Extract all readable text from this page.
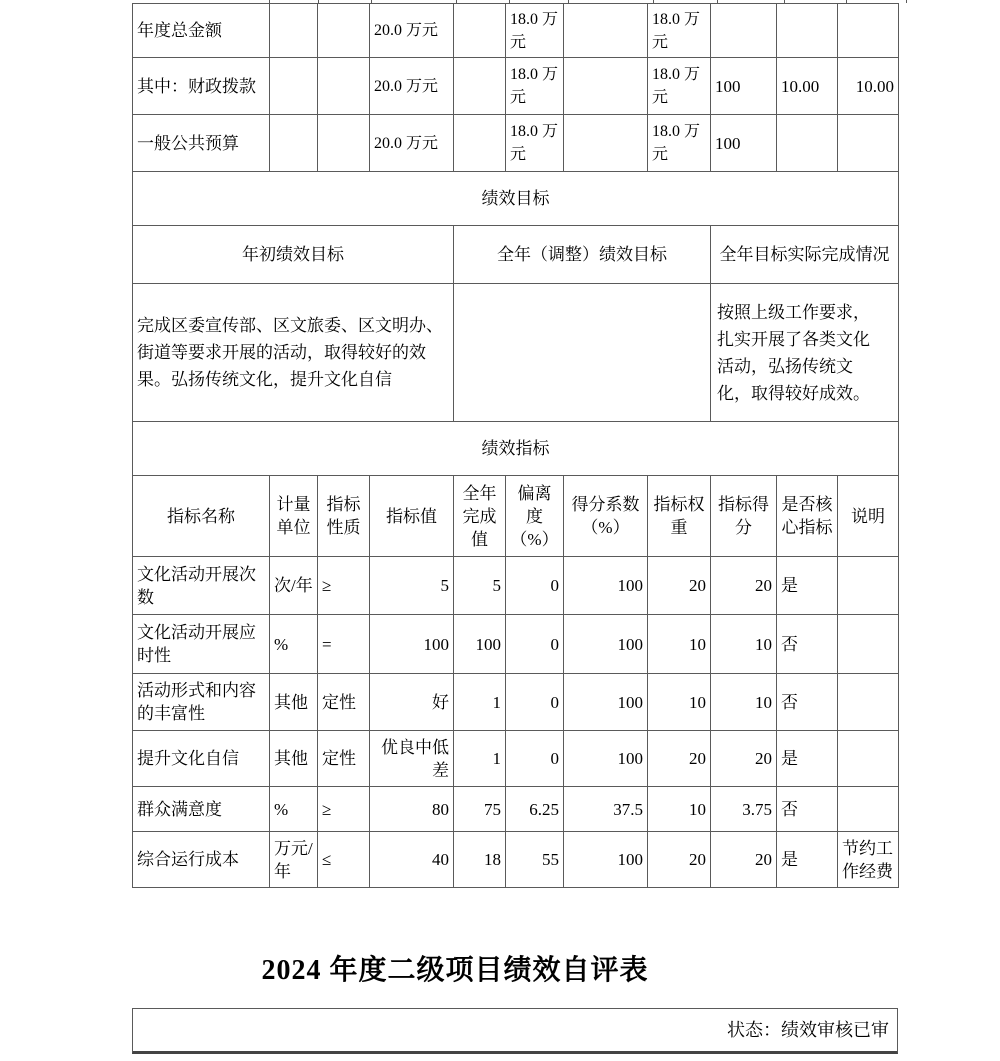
年度总金额			20.0 万元		18.0 万元		18.0 万元			
其中：财政拨款			20.0 万元		18.0 万元		18.0 万元	100	10.00	10.00
一般公共预算			20.0 万元		18.0 万元		18.0 万元	100		
绩效目标										
年初绩效目标				全年（调整）绩效目标				全年目标实际完成情况		
完成区委宣传部、区文旅委、区文明办、街道等要求开展的活动，取得较好的效果。弘扬传统文化，提升文化自信								按照上级工作要求，扎实开展了各类文化活动，弘扬传统文化，取得较好成效。		
绩效指标										
指标名称	计量单位	指标性质	指标值	全年完成值	偏离度（%）	得分系数（%）	指标权重	指标得分	是否核心指标	说明
文化活动开展次数	次/年	≥	5	5	0	100	20	20	是	
文化活动开展应时性	%	=	100	100	0	100	10	10	否	
活动形式和内容的丰富性	其他	定性	好	1	0	100	10	10	否	
提升文化自信	其他	定性	优良中低差	1	0	100	20	20	是	
群众满意度	%	≥	80	75	6.25	37.5	10	3.75	否	
综合运行成本	万元/年	≤	40	18	55	100	20	20	是	节约工作经费
2024 年度二级项目绩效自评表
状态：绩效审核已审
